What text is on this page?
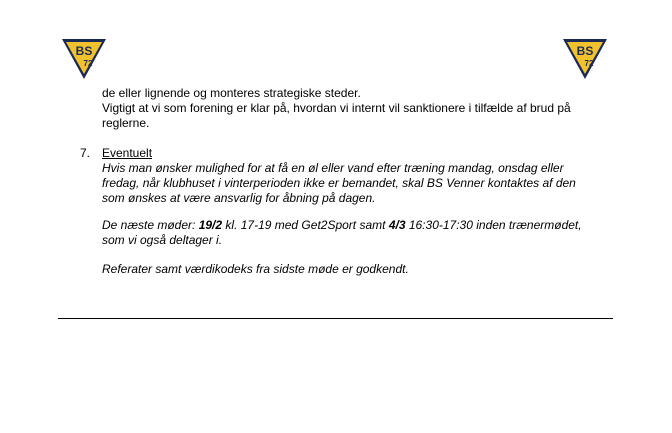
BS
72
BS
72
de eller lignende og monteres strategiske steder.
Vigtigt at vi som forening er klar på, hvordan vi internt vil sanktionere i tilfælde af brud på
reglerne.
7. Eventuelt
Hvis man ønsker mulighed for at få en øl eller vand efter træning mandag, onsdag eller
fredag, når klubhuset i vinterperioden ikke er bemandet, skal BS Venner kontaktes af den
som ønskes at være ansvarlig for åbning på dagen.
De næste møder: 19/2 kl. 17-19 med Get2Sport samt 4/3 16:30-17:30 inden trænermødet,
som vi også deltager i.
Referater samt værdikodeks fra sidste møde er godkendt.
